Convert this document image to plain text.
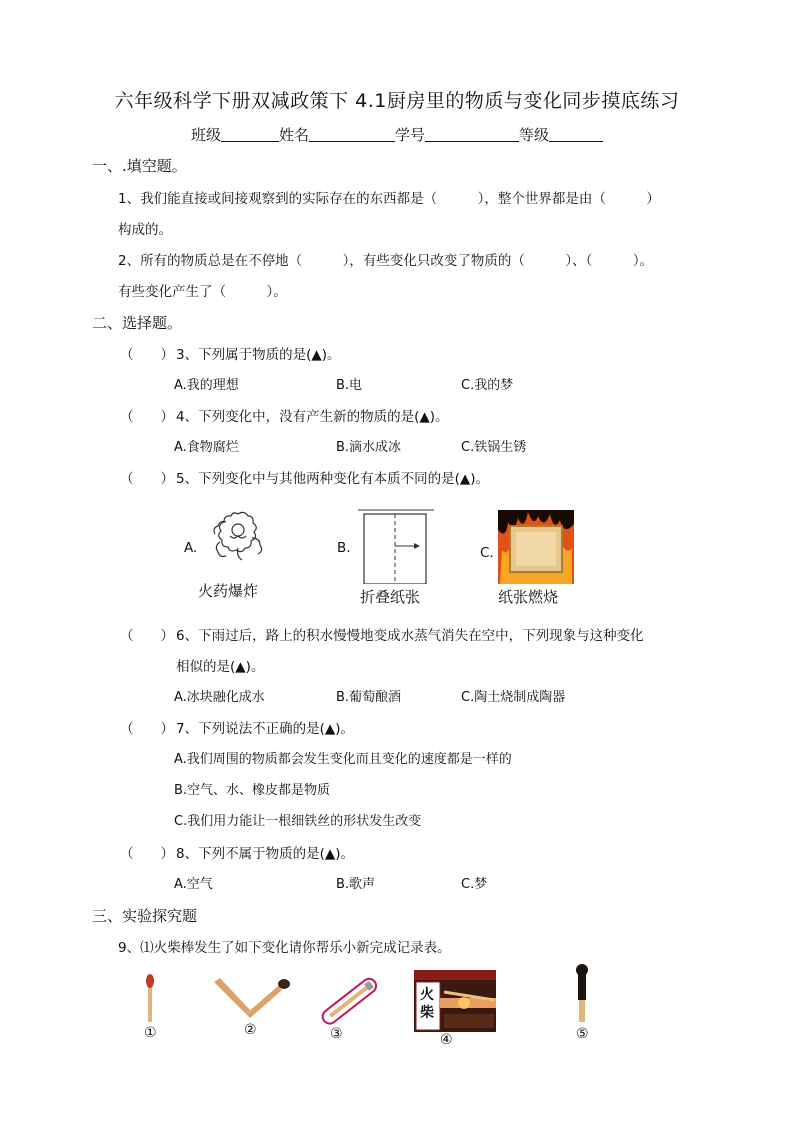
六年级科学下册双减政策下 4.1厨房里的物质与变化同步摸底练习
班级	姓名	学号	等级
一、.填空题。
1、我们能直接或间接观察到的实际存在的东西都是（　　　），整个世界都是由（　　　）
构成的。
2、所有的物质总是在不停地（　　　），有些变化只改变了物质的（　　　）、（　　　）。
有些变化产生了（　　　）。
二、选择题。
（　　） 3、下列属于物质的是(▲)。
A.我的理想	B.电	C.我的梦
（　　） 4、下列变化中，没有产生新的物质的是(▲)。
A.食物腐烂	B.滴水成冰	C.铁锅生锈
（　　） 5、下列变化中与其他两种变化有本质不同的是(▲)。
A.
火药爆炸
B.
折叠纸张
C.
纸张燃烧
（　　） 6、下雨过后，路上的积水慢慢地变成水蒸气消失在空中，下列现象与这种变化
相似的是(▲)。
A.冰块融化成水	B.葡萄酿酒	C.陶土烧制成陶器
（　　） 7、下列说法不正确的是(▲)。
A.我们周围的物质都会发生变化而且变化的速度都是一样的
B.空气、水、橡皮都是物质
C.我们用力能让一根细铁丝的形状发生改变
（　　） 8、下列不属于物质的是(▲)。
A.空气	B.歌声	C.梦
三、实验探究题
9、⑴火柴棒发生了如下变化请你帮乐小新完成记录表。
①	②	③
火柴
④	⑤
